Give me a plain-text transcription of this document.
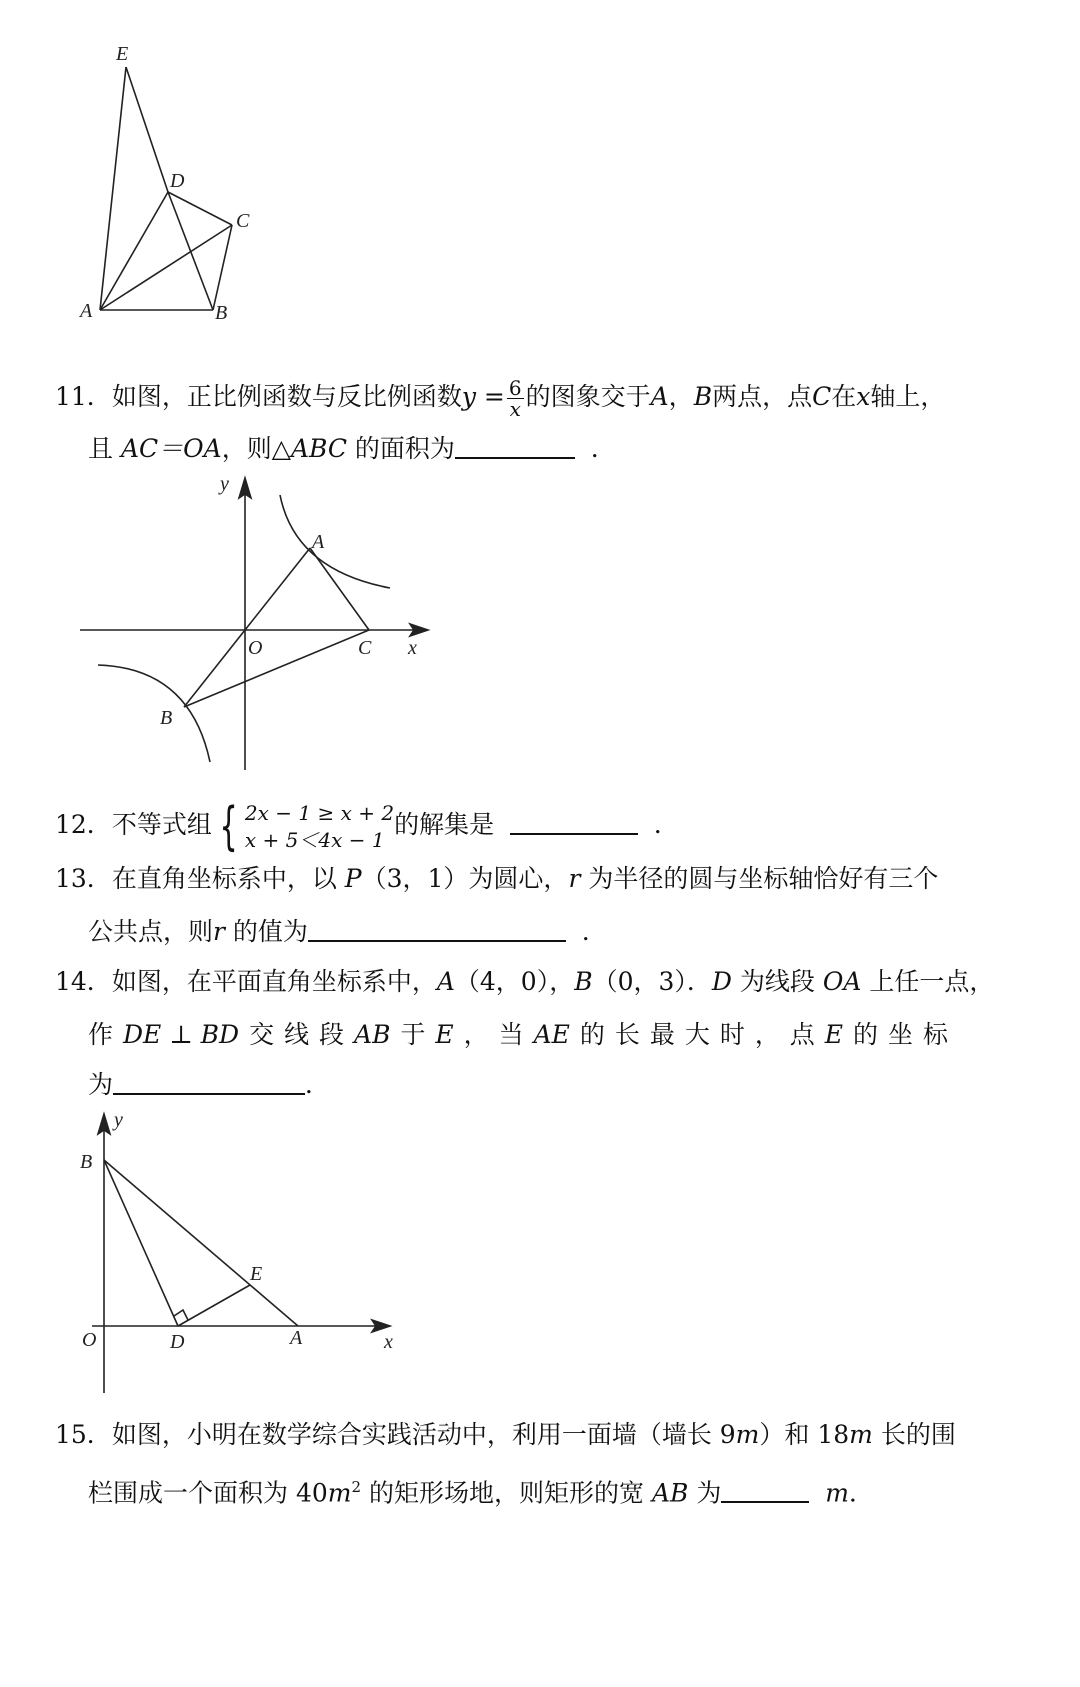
E
D
C
A	B
11．如图，正比例函数与反比例函数$y = \frac{6}{x}$ 的图象交于A，B两点，点C在x轴上，
且 AC＝OA，则△ABC 的面积为	．
y
A
O	C x
B
12．不等式组 { 2x − 1 ≥ x + 2
x + 5＜4x − 1
的解集是	．
13．在直角坐标系中，以 P（3，1）为圆心，r 为半径的圆与坐标轴恰好有三个
公共点，则r 的值为	．
14．如图，在平面直角坐标系中，A（4，0），B（0，3）．D 为线段 OA 上任一点，
作 DE ⊥ BD 交 线 段 AB 于 E ， 当 AE 的 长 最 大 时 ， 点 E 的 坐 标
为	．
y
B
E
O	D	A	x
15．如图，小明在数学综合实践活动中，利用一面墙（墙长 9m）和 18m 长的围
栏围成一个面积为 $40m^2$ 的矩形场地，则矩形的宽 AB 为	m．
